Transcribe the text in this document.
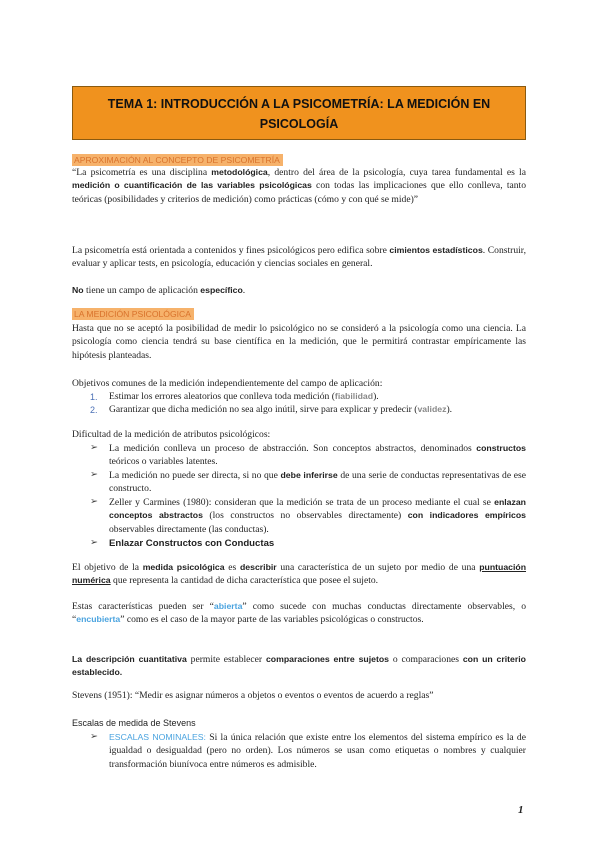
TEMA 1: INTRODUCCIÓN A LA PSICOMETRÍA: LA MEDICIÓN EN PSICOLOGÍA
APROXIMACIÓN AL CONCEPTO DE PSICOMETRÍA

“La psicometría es una disciplina metodológica, dentro del área de la psicología, cuya tarea fundamental es la medición o cuantificación de las variables psicológicas con todas las implicaciones que ello conlleva, tanto teóricas (posibilidades y criterios de medición) como prácticas (cómo y con qué se mide)”

La psicometría está orientada a contenidos y fines psicológicos pero edifica sobre cimientos estadísticos. Construir, evaluar y aplicar tests, en psicología, educación y ciencias sociales en general.

No tiene un campo de aplicación específico.

LA MEDICIÓN PSICOLÓGICA

Hasta que no se aceptó la posibilidad de medir lo psicológico no se consideró a la psicología como una ciencia. La psicología como ciencia tendrá su base científica en la medición, que le permitirá contrastar empíricamente las hipótesis planteadas.

Objetivos comunes de la medición independientemente del campo de aplicación:

1. Estimar los errores aleatorios que conlleva toda medición (fiabilidad).
2. Garantizar que dicha medición no sea algo inútil, sirve para explicar y predecir (validez).

Dificultad de la medición de atributos psicológicos:

➢ La medición conlleva un proceso de abstracción. Son conceptos abstractos, denominados constructos teóricos o variables latentes.
➢ La medición no puede ser directa, si no que debe inferirse de una serie de conductas representativas de ese constructo.
➢ Zeller y Carmines (1980): consideran que la medición se trata de un proceso mediante el cual se enlazan conceptos abstractos (los constructos no observables directamente) con indicadores empíricos observables directamente (las conductas).
➢ Enlazar Constructos con Conductas

El objetivo de la medida psicológica es describir una característica de un sujeto por medio de una puntuación numérica que representa la cantidad de dicha característica que posee el sujeto.

Estas características pueden ser “abierta” como sucede con muchas conductas directamente observables, o “encubierta” como es el caso de la mayor parte de las variables psicológicas o constructos.

La descripción cuantitativa permite establecer comparaciones entre sujetos o comparaciones con un criterio establecido.

Stevens (1951): “Medir es asignar números a objetos o eventos o eventos de acuerdo a reglas”

Escalas de medida de Stevens

➢ ESCALAS NOMINALES: Si la única relación que existe entre los elementos del sistema empírico es la de igualdad o desigualdad (pero no orden). Los números se usan como etiquetas o nombres y cualquier transformación biunívoca entre números es admisible.
1
